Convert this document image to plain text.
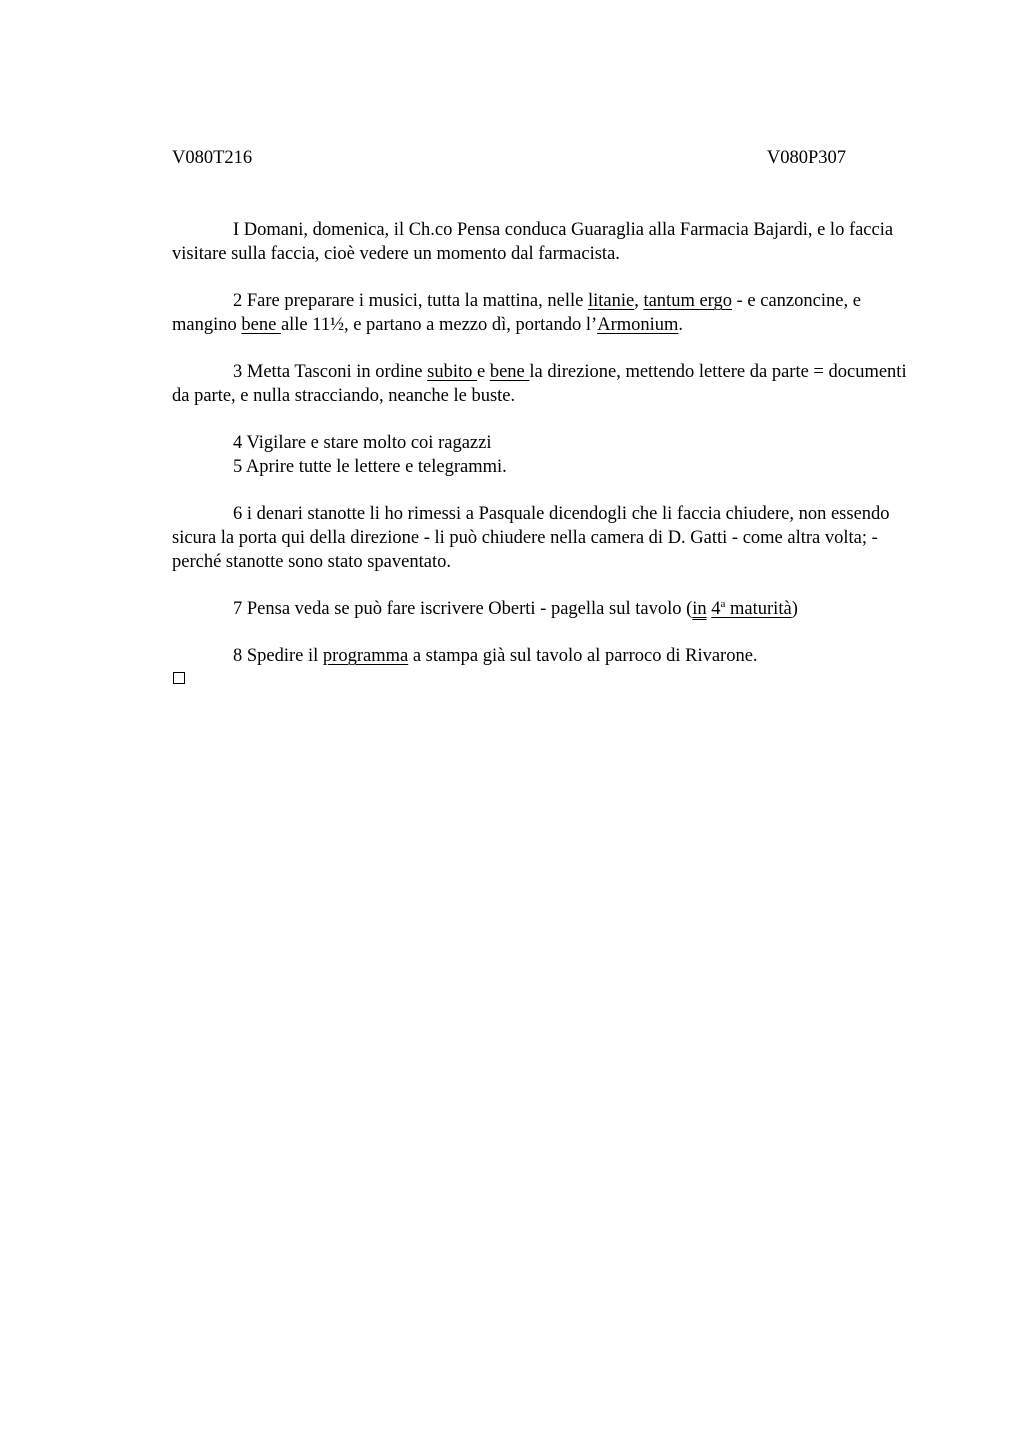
V080T216	V080P307

I Domani, domenica, il Ch.co Pensa conduca Guaraglia alla Farmacia Bajardi, e lo faccia visitare sulla faccia, cioè vedere un momento dal farmacista.

2 Fare preparare i musici, tutta la mattina, nelle litanie, tantum ergo - e canzoncine, e mangino bene alle 11½, e partano a mezzo dì, portando l’Armonium.

3 Metta Tasconi in ordine subito e bene la direzione, mettendo lettere da parte = documenti da parte, e nulla stracciando, neanche le buste.

4 Vigilare e stare molto coi ragazzi

5 Aprire tutte le lettere e telegrammi.

6 i denari stanotte li ho rimessi a Pasquale dicendogli che li faccia chiudere, non essendo sicura la porta qui della direzione - li può chiudere nella camera di D. Gatti - come altra volta; - perché stanotte sono stato spaventato.

7 Pensa veda se può fare iscrivere Oberti - pagella sul tavolo (in 4$^a$ maturità)

8 Spedire il programma a stampa già sul tavolo al parroco di Rivarone.
